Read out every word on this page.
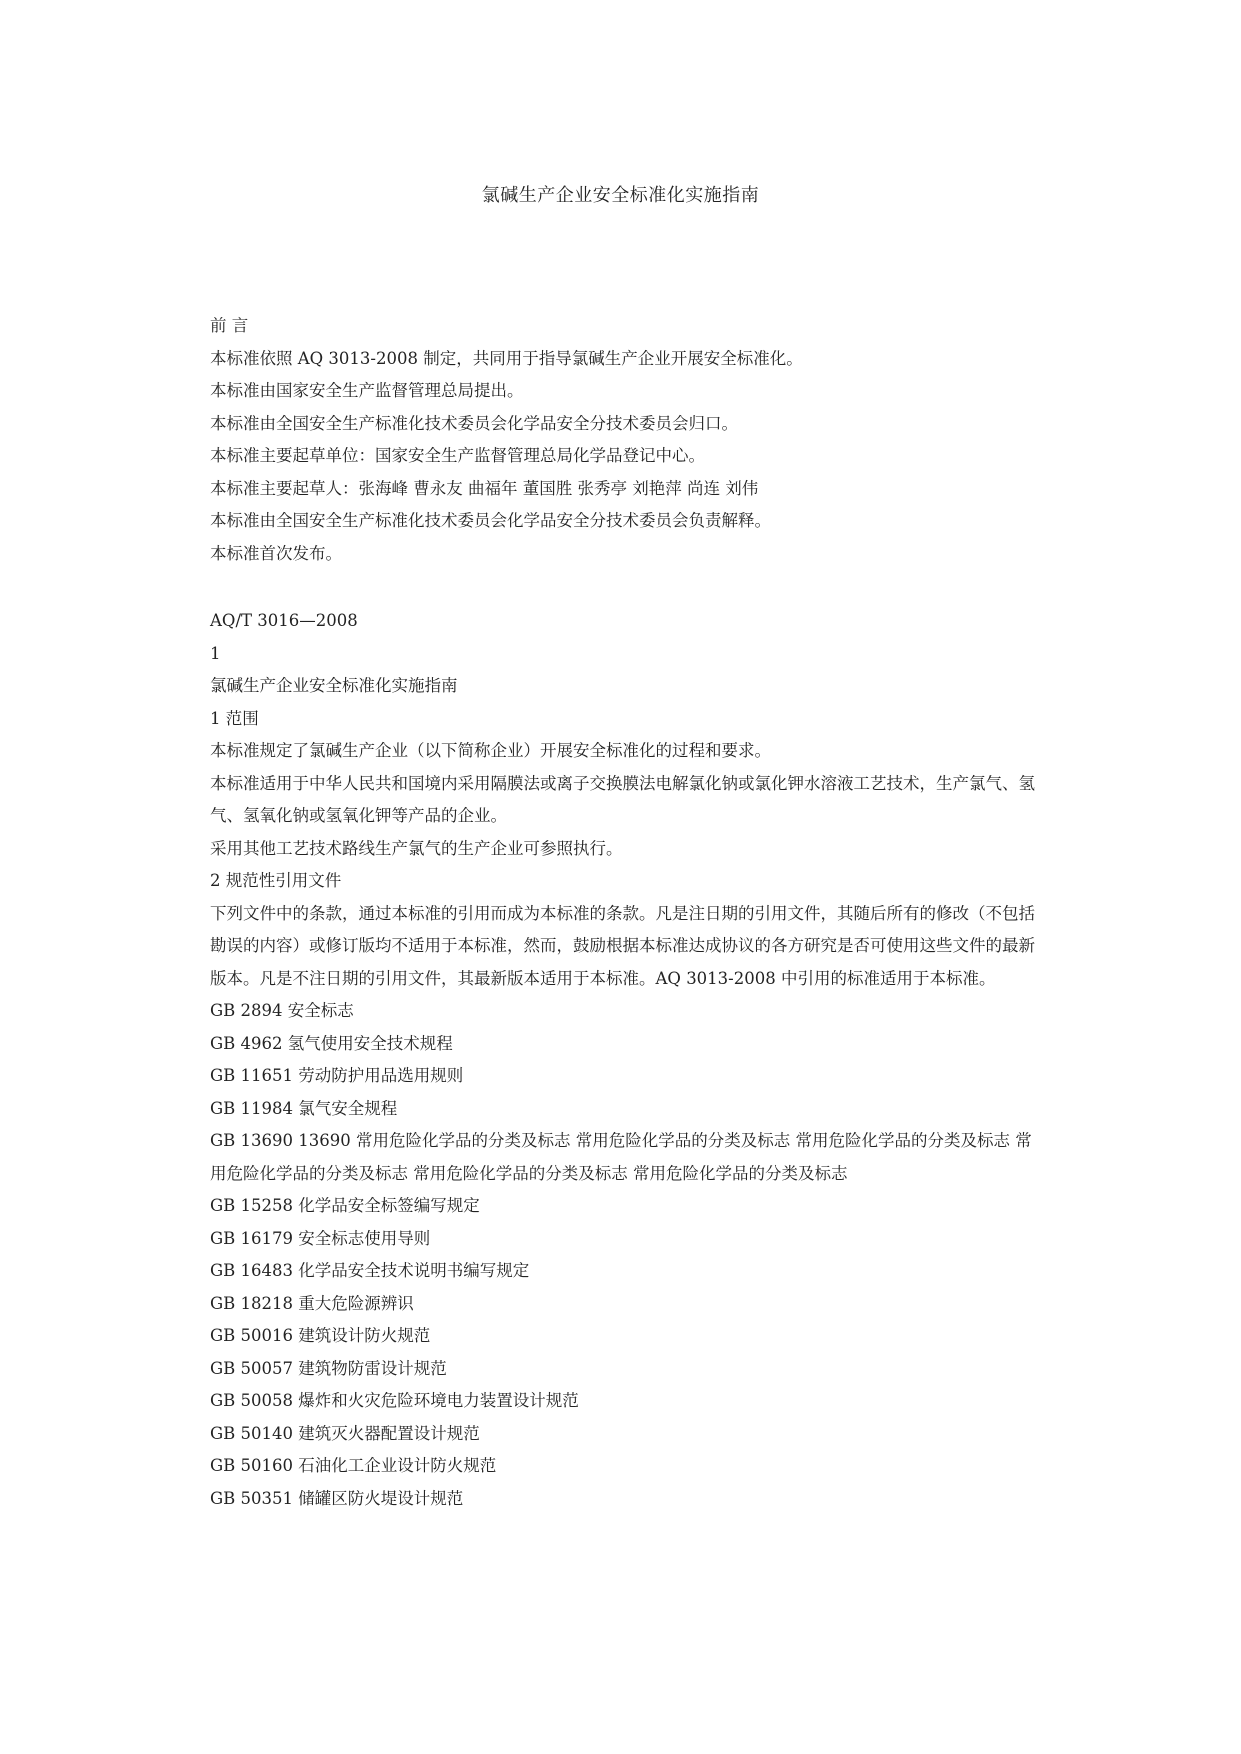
氯碱生产企业安全标准化实施指南
前 言
本标准依照 AQ 3013-2008 制定，共同用于指导氯碱生产企业开展安全标准化。
本标准由国家安全生产监督管理总局提出。
本标准由全国安全生产标准化技术委员会化学品安全分技术委员会归口。
本标准主要起草单位：国家安全生产监督管理总局化学品登记中心。
本标准主要起草人：张海峰 曹永友 曲福年 董国胜 张秀亭 刘艳萍 尚连 刘伟
本标准由全国安全生产标准化技术委员会化学品安全分技术委员会负责解释。
本标准首次发布。
AQ/T 3016—2008
1
氯碱生产企业安全标准化实施指南
1 范围
本标准规定了氯碱生产企业（以下简称企业）开展安全标准化的过程和要求。
本标准适用于中华人民共和国境内采用隔膜法或离子交换膜法电解氯化钠或氯化钾水溶液工艺技术，生产氯气、氢气、氢氧化钠或氢氧化钾等产品的企业。
采用其他工艺技术路线生产氯气的生产企业可参照执行。
2 规范性引用文件
下列文件中的条款，通过本标准的引用而成为本标准的条款。凡是注日期的引用文件，其随后所有的修改（不包括勘误的内容）或修订版均不适用于本标准，然而，鼓励根据本标准达成协议的各方研究是否可使用这些文件的最新版本。凡是不注日期的引用文件，其最新版本适用于本标准。AQ 3013-2008 中引用的标准适用于本标准。
GB 2894 安全标志
GB 4962 氢气使用安全技术规程
GB 11651 劳动防护用品选用规则
GB 11984 氯气安全规程
GB 13690 13690 常用危险化学品的分类及标志 常用危险化学品的分类及标志 常用危险化学品的分类及标志 常用危险化学品的分类及标志 常用危险化学品的分类及标志 常用危险化学品的分类及标志
GB 15258 化学品安全标签编写规定
GB 16179 安全标志使用导则
GB 16483 化学品安全技术说明书编写规定
GB 18218 重大危险源辨识
GB 50016 建筑设计防火规范
GB 50057 建筑物防雷设计规范
GB 50058 爆炸和火灾危险环境电力装置设计规范
GB 50140 建筑灭火器配置设计规范
GB 50160 石油化工企业设计防火规范
GB 50351 储罐区防火堤设计规范
